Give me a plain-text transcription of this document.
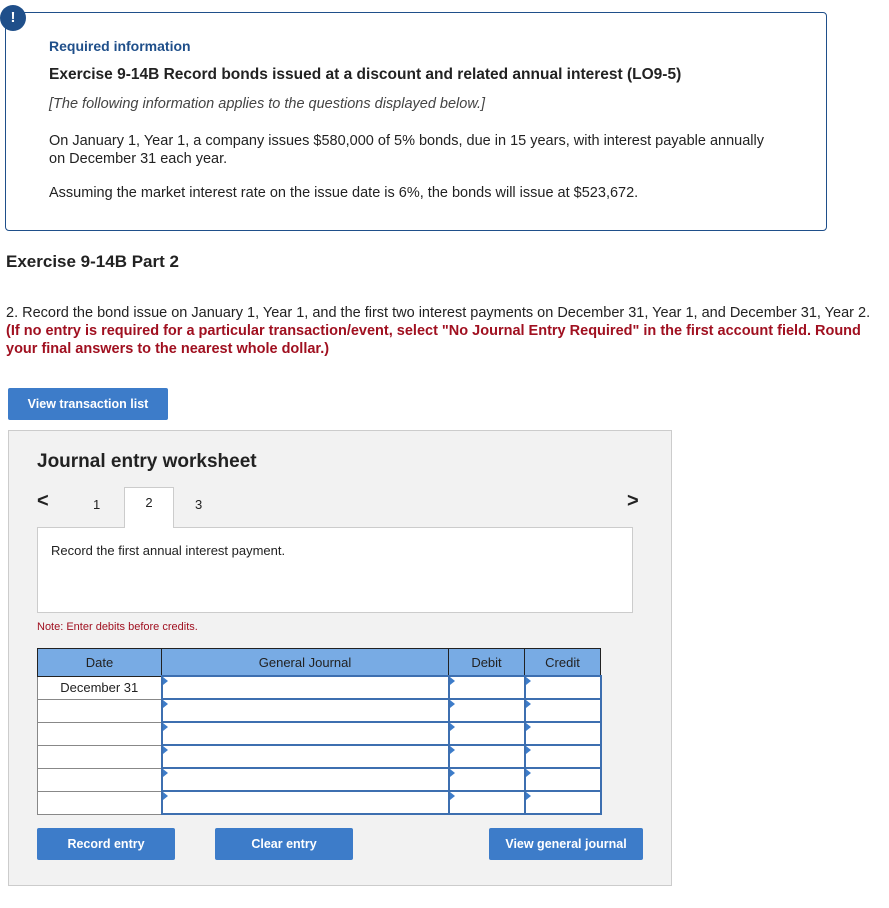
Required information

Exercise 9-14B Record bonds issued at a discount and related annual interest (LO9-5)

[The following information applies to the questions displayed below.]

On January 1, Year 1, a company issues $580,000 of 5% bonds, due in 15 years, with interest payable annually on December 31 each year.

Assuming the market interest rate on the issue date is 6%, the bonds will issue at $523,672.

!
Exercise 9-14B Part 2
2. Record the bond issue on January 1, Year 1, and the first two interest payments on December 31, Year 1, and December 31, Year 2. (If no entry is required for a particular transaction/event, select "No Journal Entry Required" in the first account field. Round your final answers to the nearest whole dollar.)
View transaction list
Journal entry worksheet
<	1	2	3	>
Record the first annual interest payment.
Note: Enter debits before credits.
Date	General Journal	Debit	Credit
December 31			

Record entry	Clear entry	View general journal
